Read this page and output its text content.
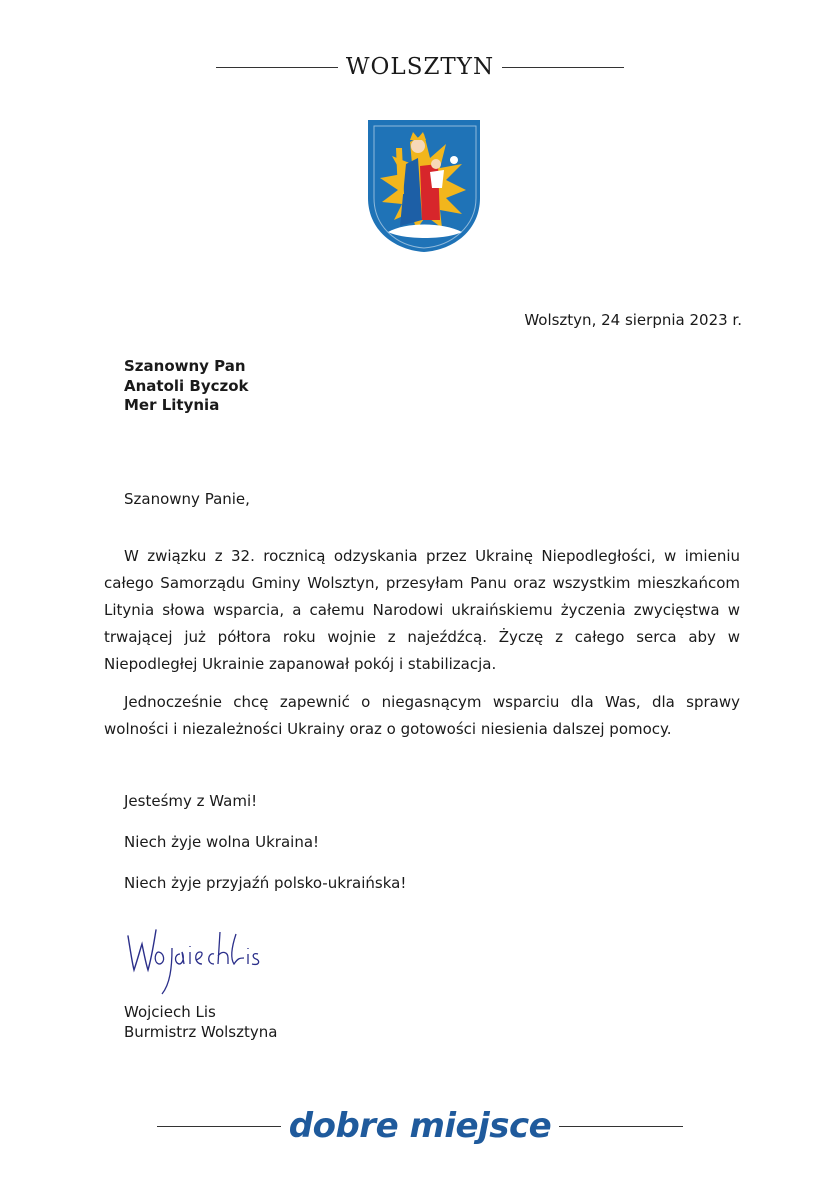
WOLSZTYN
Wolsztyn, 24 sierpnia 2023 r.
Szanowny Pan
Anatoli Byczok
Mer Litynia
Szanowny Panie,

W związku z 32. rocznicą odzyskania przez Ukrainę Niepodległości, w imieniu całego Samorządu Gminy Wolsztyn, przesyłam Panu oraz wszystkim mieszkańcom Litynia słowa wsparcia, a całemu Narodowi ukraińskiemu życzenia zwycięstwa w trwającej już półtora roku wojnie z najeźdźcą. Życzę z całego serca aby w Niepodległej Ukrainie zapanował pokój i stabilizacja.

Jednocześnie chcę zapewnić o niegasnącym wsparciu dla Was, dla sprawy wolności i niezależności Ukrainy oraz o gotowości niesienia dalszej pomocy.

Jesteśmy z Wami!
Niech żyje wolna Ukraina!
Niech żyje przyjaźń polsko-ukraińska!
Wojciech Lis
Burmistrz Wolsztyna
dobre miejsce
